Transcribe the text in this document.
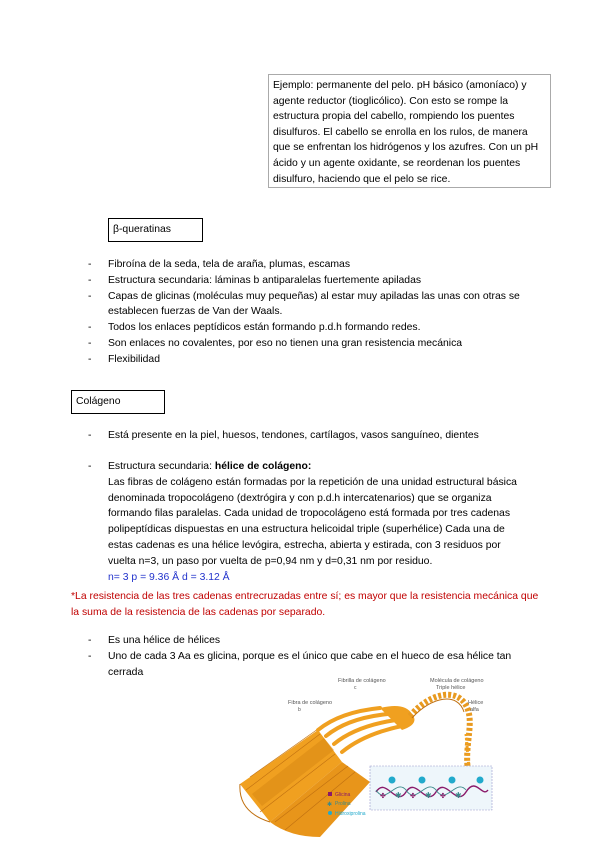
Ejemplo: permanente del pelo. pH básico (amoníaco) y agente reductor (tioglicólico). Con esto se rompe la estructura propia del cabello, rompiendo los puentes disulfuros. El cabello se enrolla en los rulos, de manera que se enfrentan los hidrógenos y los azufres. Con un pH ácido y un agente oxidante, se reordenan los puentes disulfuro, haciendo que el pelo se rice.
β-queratinas
- Fibroína de la seda, tela de araña, plumas, escamas
- Estructura secundaria: láminas b antiparalelas fuertemente apiladas
- Capas de glicinas (moléculas muy pequeñas) al estar muy apiladas las unas con otras se establecen fuerzas de Van der Waals.
- Todos los enlaces peptídicos están formando p.d.h formando redes.
- Son enlaces no covalentes, por eso no tienen una gran resistencia mecánica
- Flexibilidad
Colágeno
- Está presente en la piel, huesos, tendones, cartílagos, vasos sanguíneo, dientes
- Estructura secundaria: hélice de colágeno:
Las fibras de colágeno están formadas por la repetición de una unidad estructural básica denominada tropocolágeno (dextrógira y con p.d.h intercatenarios) que se organiza formando filas paralelas. Cada unidad de tropocolágeno está formada por tres cadenas polipeptídicas dispuestas en una estructura helicoidal triple (superhélice) Cada una de estas cadenas es una hélice levógira, estrecha, abierta y estirada, con 3 residuos por vuelta n=3, un paso por vuelta de p=0,94 nm y d=0,31 nm por residuo.
n= 3 p = 9.36 Å d = 3.12 Å
*La resistencia de las tres cadenas entrecruzadas entre sí; es mayor que la resistencia mecánica que la suma de la resistencia de las cadenas por separado.
- Es una hélice de hélices
- Uno de cada 3 Aa es glicina, porque es el único que cabe en el hueco de esa hélice tan cerrada
Fibra de colágeno
b
Fibrilla de colágeno
c
Molécula de colágeno
Triple hélice
Hélice
alfa
✱	✱	✱
✤	✤	✤
Glicina
✱ Prolina
Hidroxiprolina
